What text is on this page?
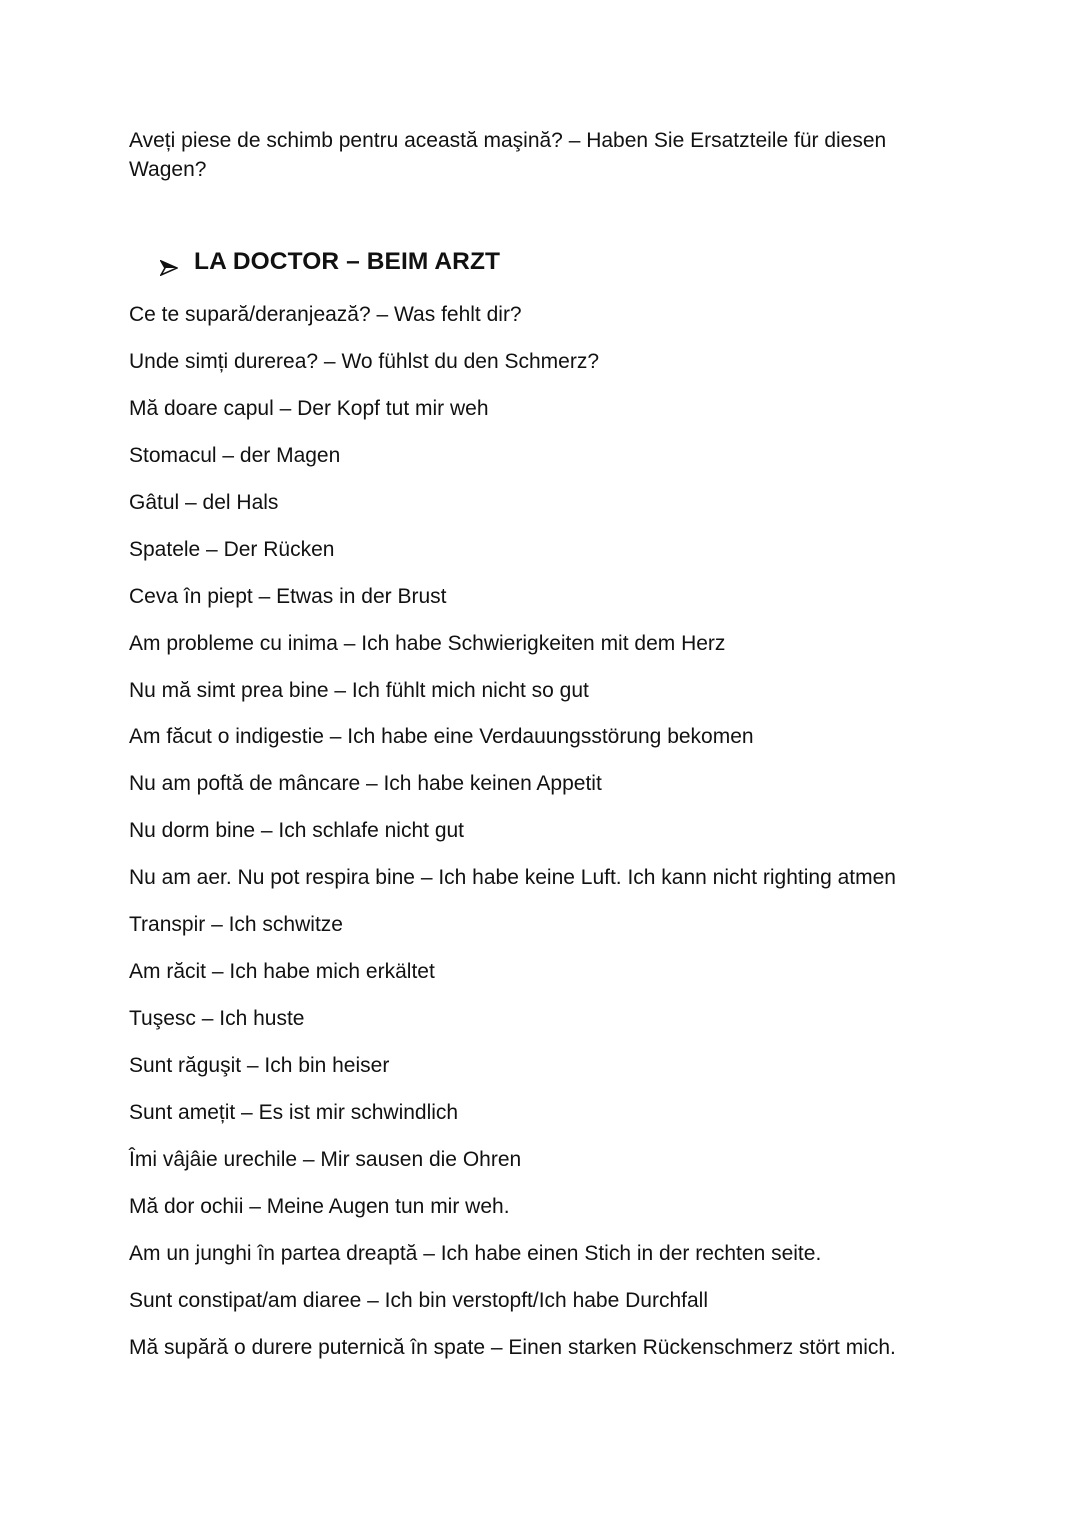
Aveți piese de schimb pentru această maşină? – Haben Sie Ersatzteile für diesen Wagen?

LA DOCTOR – BEIM ARZT
Ce te supară/deranjează? – Was fehlt dir?
Unde simți durerea? – Wo fühlst du den Schmerz?
Mă doare capul – Der Kopf tut mir weh
Stomacul – der Magen
Gâtul – del Hals
Spatele – Der Rücken
Ceva în piept – Etwas in der Brust
Am probleme cu inima – Ich habe Schwierigkeiten mit dem Herz
Nu mă simt prea bine – Ich fühlt mich nicht so gut
Am făcut o indigestie – Ich habe eine Verdauungsstörung bekomen
Nu am poftă de mâncare – Ich habe keinen Appetit
Nu dorm bine – Ich schlafe nicht gut
Nu am aer. Nu pot respira bine – Ich habe keine Luft. Ich kann nicht righting atmen
Transpir – Ich schwitze
Am răcit – Ich habe mich erkältet
Tuşesc – Ich huste
Sunt răguşit – Ich bin heiser
Sunt amețit – Es ist mir schwindlich
Îmi vâjâie urechile – Mir sausen die Ohren
Mă dor ochii – Meine Augen tun mir weh.
Am un junghi în partea dreaptă – Ich habe einen Stich in der rechten seite.
Sunt constipat/am diaree – Ich bin verstopft/Ich habe Durchfall
Mă supără o durere puternică în spate – Einen starken Rückenschmerz stört mich.
